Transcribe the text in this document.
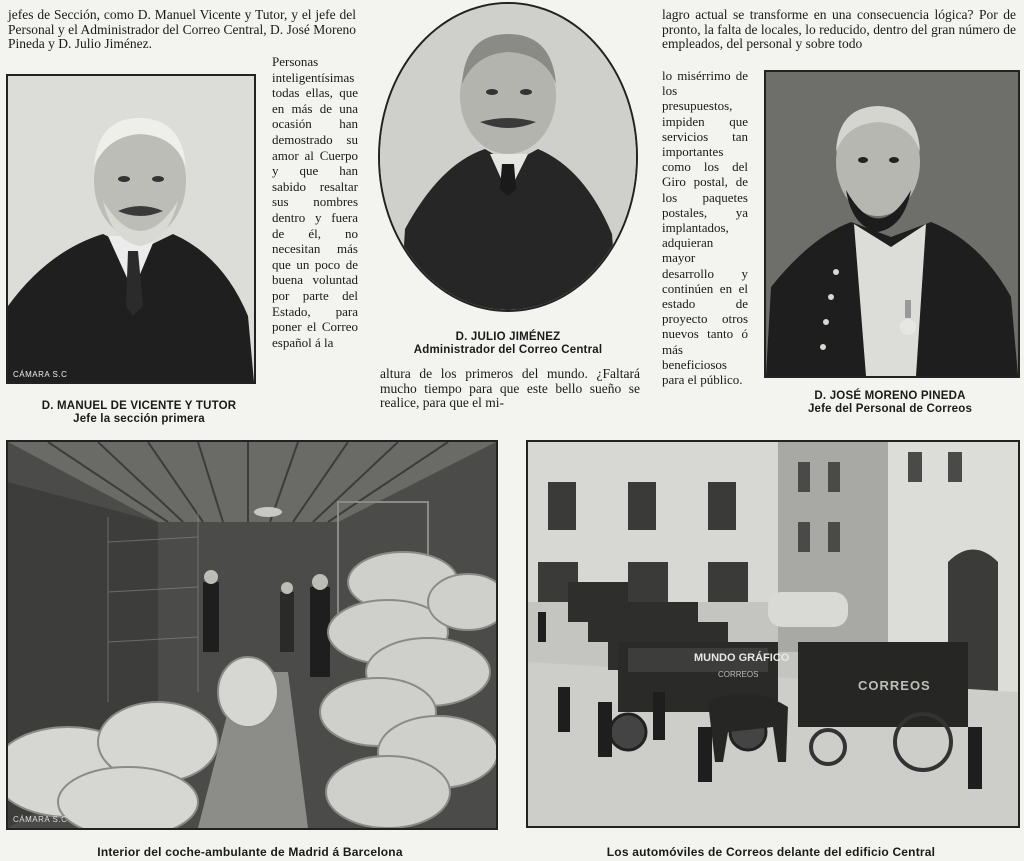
jefes de Sección, como D. Manuel Vicente y Tutor, y el jefe del Personal y el Administrador del Correo Central, D. José Moreno Pineda y D. Julio Jiménez.
CÁMARA S.C
D. MANUEL DE VICENTE Y TUTOR
Jefe la sección primera
Personas inteligentísimas todas ellas, que en más de una ocasión han demostrado su amor al Cuerpo y que han sabido resaltar sus nombres dentro y fuera de él, no necesitan más que un poco de buena voluntad por parte del Estado, para poner el Correo español á la	D. JULIO JIMÉNEZ
Administrador del Correo Central
altura de los primeros del mundo. ¿Faltará mucho tiempo para que este bello sueño se realice, para que el mi-
lagro actual se transforme en una consecuencia lógica? Por de pronto, la falta de locales, lo reducido, dentro del gran número de empleados, del personal y sobre todo
lo misérrimo de los presupuestos, impiden que servicios tan importantes como los del Giro postal, de los paquetes postales, ya implantados, adquieran mayor desarrollo y continúen en el estado de proyecto otros nuevos tanto ó más beneficiosos para el público.
D. JOSÉ MORENO PINEDA
Jefe del Personal de Correos
CÁMARA S.C
Interior del coche-ambulante de Madrid á Barcelona
MUNDO GRÁFICO
CORREOS
CORREOS
Los automóviles de Correos delante del edificio Central
